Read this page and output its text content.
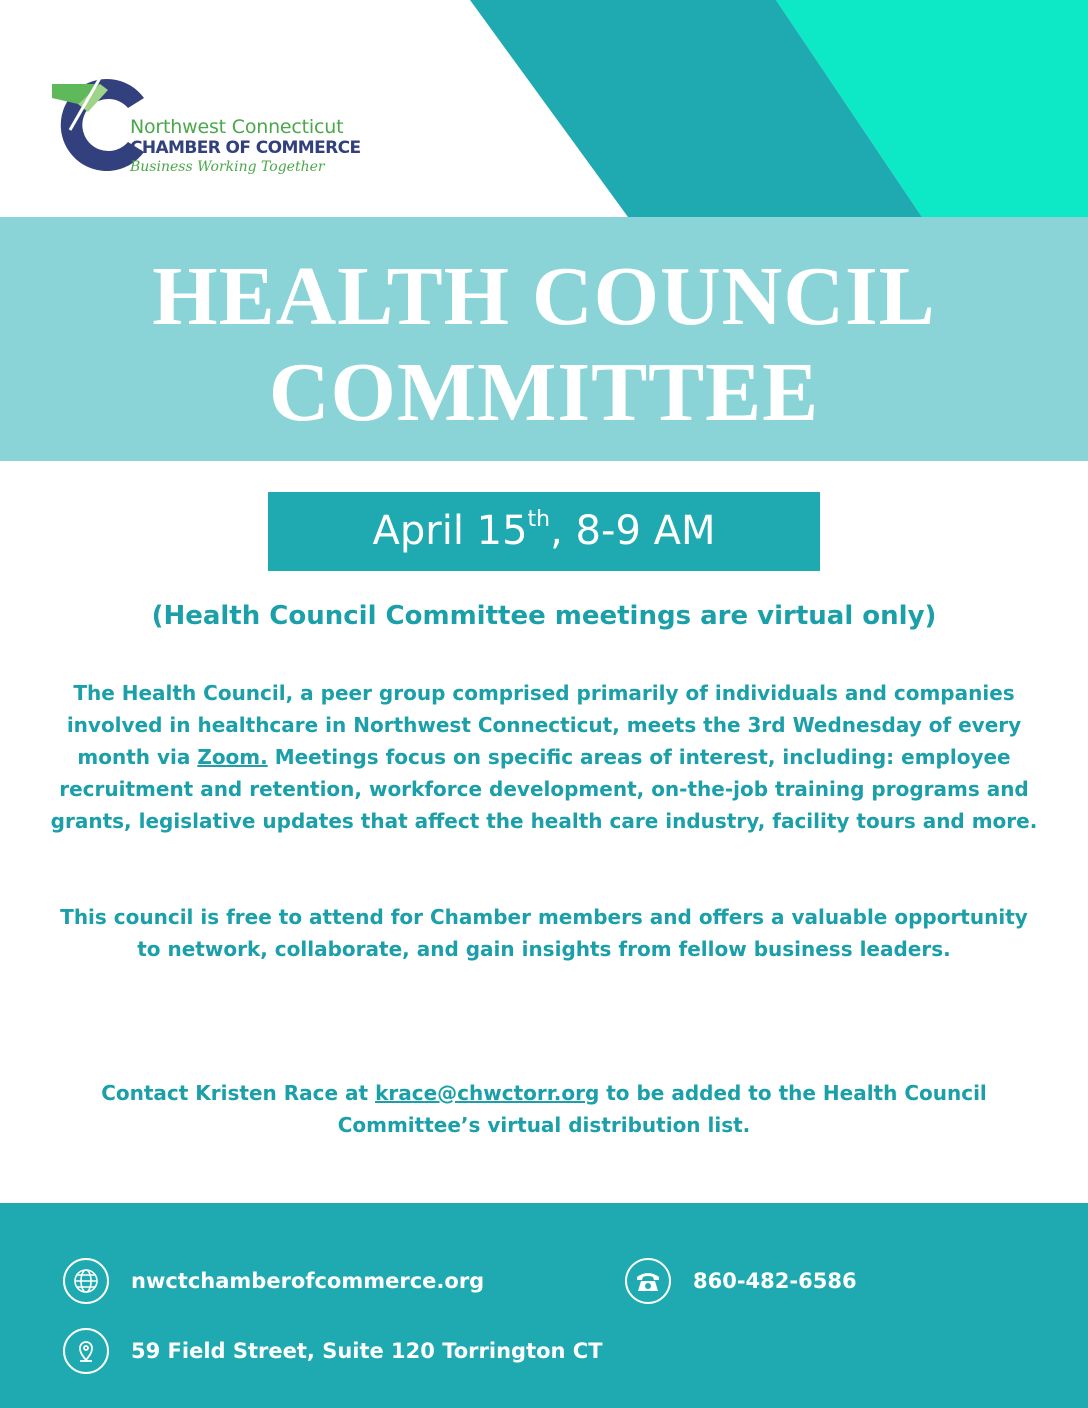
Northwest Connecticut
CHAMBER OF COMMERCE
Business Working Together
HEALTH COUNCIL COMMITTEE
April 15th, 8-9 AM

(Health Council Committee meetings are virtual only)

The Health Council, a peer group comprised primarily of individuals and companies involved in healthcare in Northwest Connecticut, meets the 3rd Wednesday of every month via Zoom. Meetings focus on specific areas of interest, including: employee recruitment and retention, workforce development, on-the-job training programs and grants, legislative updates that affect the health care industry, facility tours and more.

This council is free to attend for Chamber members and offers a valuable opportunity to network, collaborate, and gain insights from fellow business leaders.

Contact Kristen Race at krace@chwctorr.org to be added to the Health Council Committee’s virtual distribution list.

nwctchamberofcommerce.org	860-482-6586
59 Field Street, Suite 120 Torrington CT
